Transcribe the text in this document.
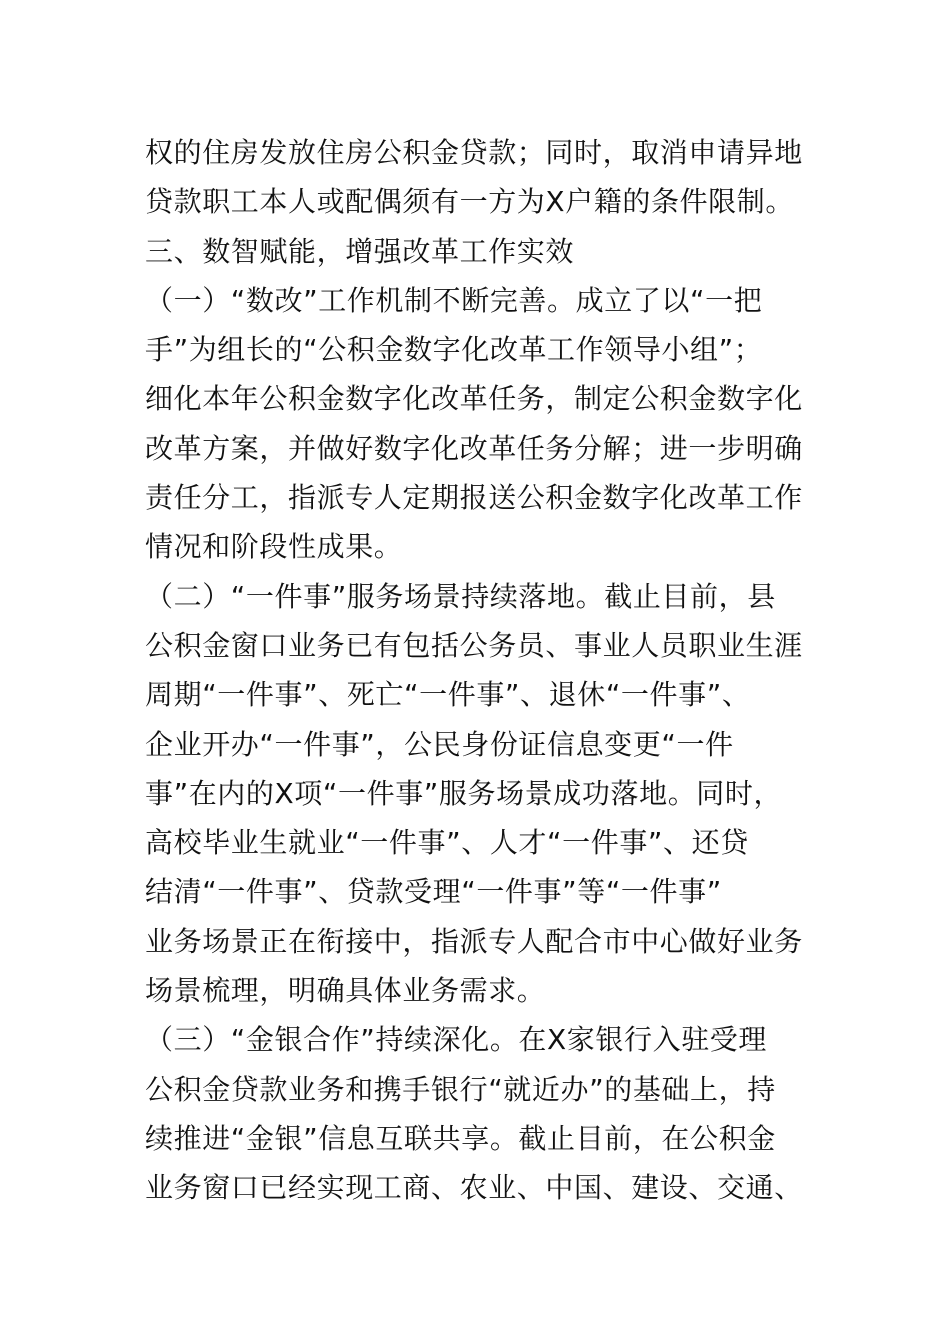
权的住房发放住房公积金贷款；同时，取消申请异地
贷款职工本人或配偶须有一方为X户籍的条件限制。
三、数智赋能，增强改革工作实效
（一）“数改”工作机制不断完善。成立了以“一把
手”为组长的“公积金数字化改革工作领导小组”；
细化本年公积金数字化改革任务，制定公积金数字化
改革方案，并做好数字化改革任务分解；进一步明确
责任分工，指派专人定期报送公积金数字化改革工作
情况和阶段性成果。
（二）“一件事”服务场景持续落地。截止目前，县
公积金窗口业务已有包括公务员、事业人员职业生涯
周期“一件事”、死亡“一件事”、退休“一件事”、
企业开办“一件事”，公民身份证信息变更“一件
事”在内的X项“一件事”服务场景成功落地。同时，
高校毕业生就业“一件事”、人才“一件事”、还贷
结清“一件事”、贷款受理“一件事”等“一件事”
业务场景正在衔接中，指派专人配合市中心做好业务
场景梳理，明确具体业务需求。
（三）“金银合作”持续深化。在X家银行入驻受理
公积金贷款业务和携手银行“就近办”的基础上，持
续推进“金银”信息互联共享。截止目前，在公积金
业务窗口已经实现工商、农业、中国、建设、交通、
